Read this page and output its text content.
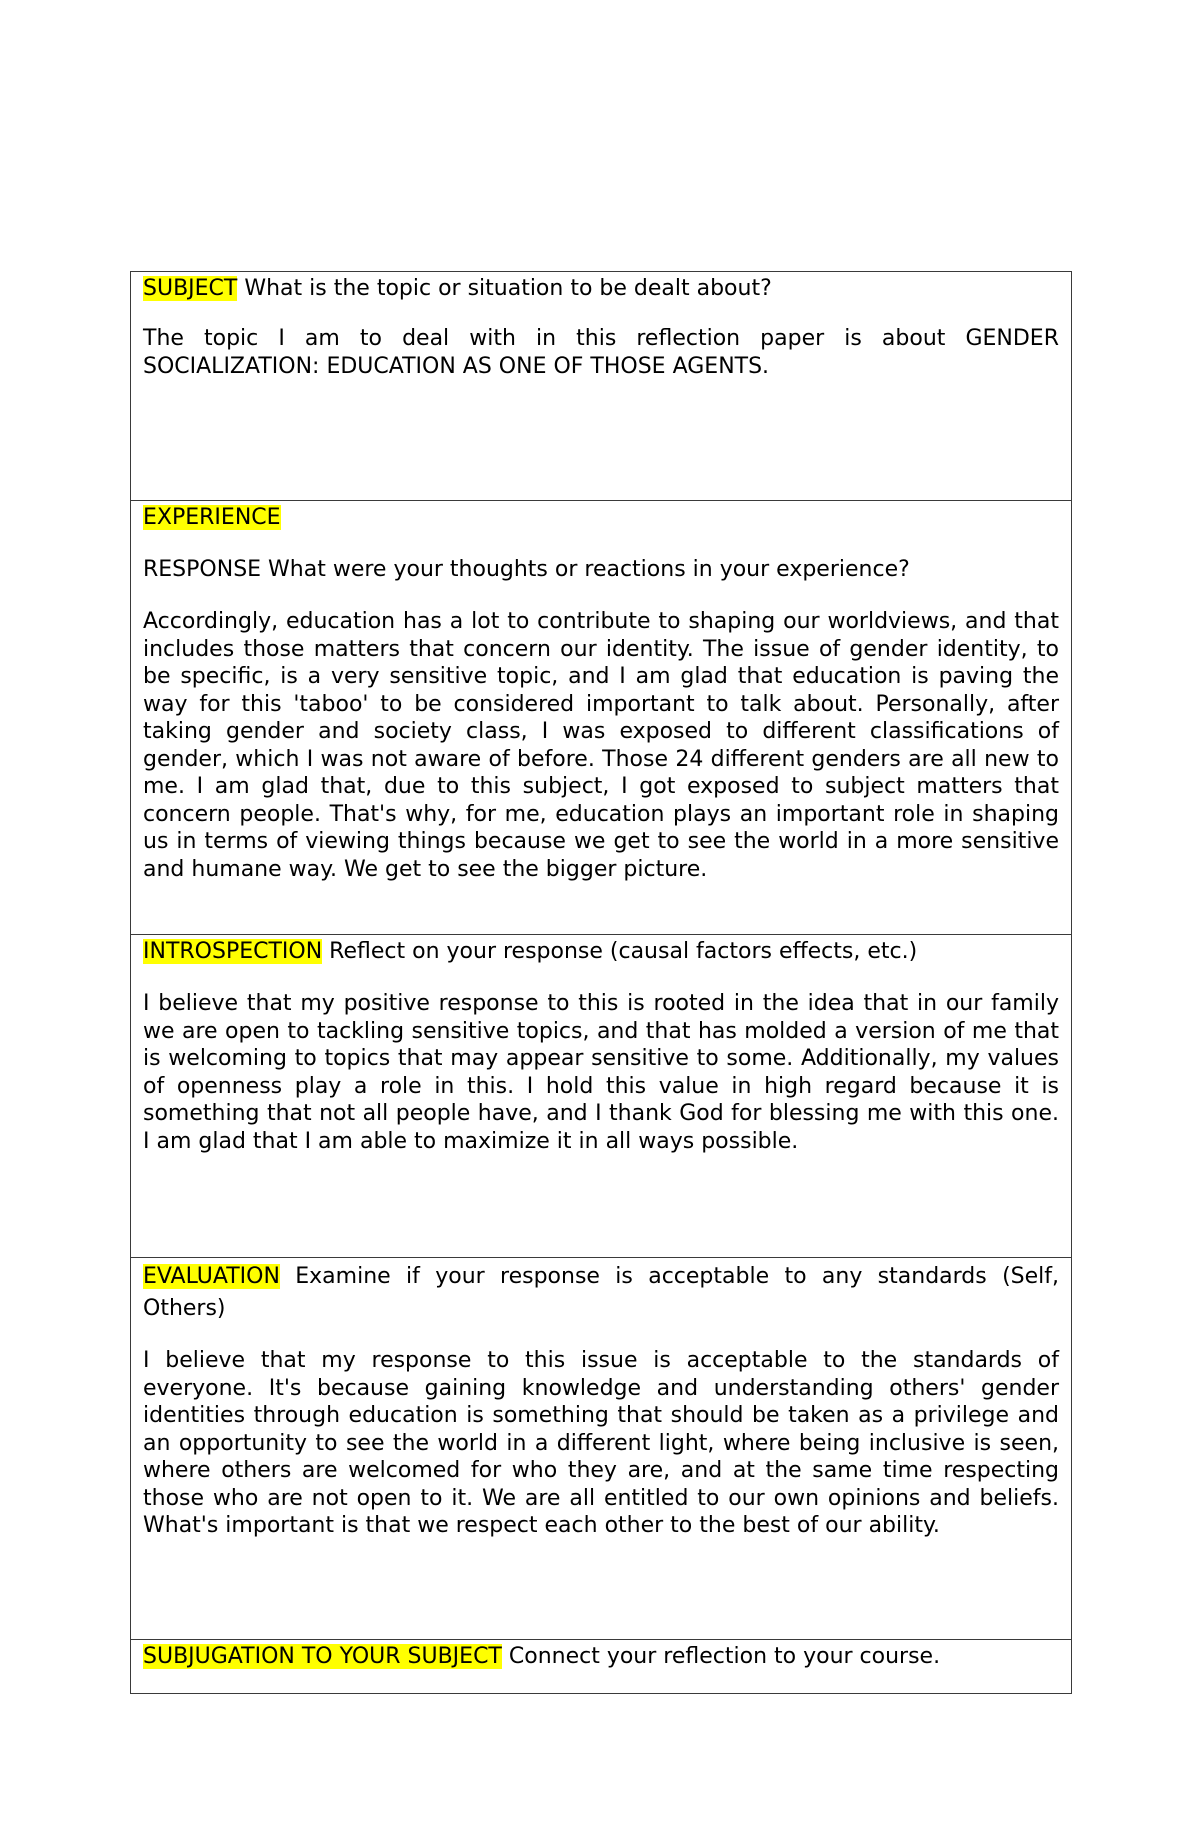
SUBJECT What is the topic or situation to be dealt about?

The topic I am to deal with in this reflection paper is about GENDER SOCIALIZATION: EDUCATION AS ONE OF THOSE AGENTS.

EXPERIENCE

RESPONSE What were your thoughts or reactions in your experience?

Accordingly, education has a lot to contribute to shaping our worldviews, and that includes those matters that concern our identity. The issue of gender identity, to be specific, is a very sensitive topic, and I am glad that education is paving the way for this 'taboo' to be considered important to talk about. Personally, after taking gender and society class, I was exposed to different classifications of gender, which I was not aware of before. Those 24 different genders are all new to me. I am glad that, due to this subject, I got exposed to subject matters that concern people. That's why, for me, education plays an important role in shaping us in terms of viewing things because we get to see the world in a more sensitive and humane way. We get to see the bigger picture.

INTROSPECTION Reflect on your response (causal factors effects, etc.)

I believe that my positive response to this is rooted in the idea that in our family we are open to tackling sensitive topics, and that has molded a version of me that is welcoming to topics that may appear sensitive to some. Additionally, my values of openness play a role in this. I hold this value in high regard because it is something that not all people have, and I thank God for blessing me with this one. I am glad that I am able to maximize it in all ways possible.

EVALUATION Examine if your response is acceptable to any standards (Self, Others)

I believe that my response to this issue is acceptable to the standards of everyone. It's because gaining knowledge and understanding others' gender identities through education is something that should be taken as a privilege and an opportunity to see the world in a different light, where being inclusive is seen, where others are welcomed for who they are, and at the same time respecting those who are not open to it. We are all entitled to our own opinions and beliefs. What's important is that we respect each other to the best of our ability.

SUBJUGATION TO YOUR SUBJECT Connect your reflection to your course.
